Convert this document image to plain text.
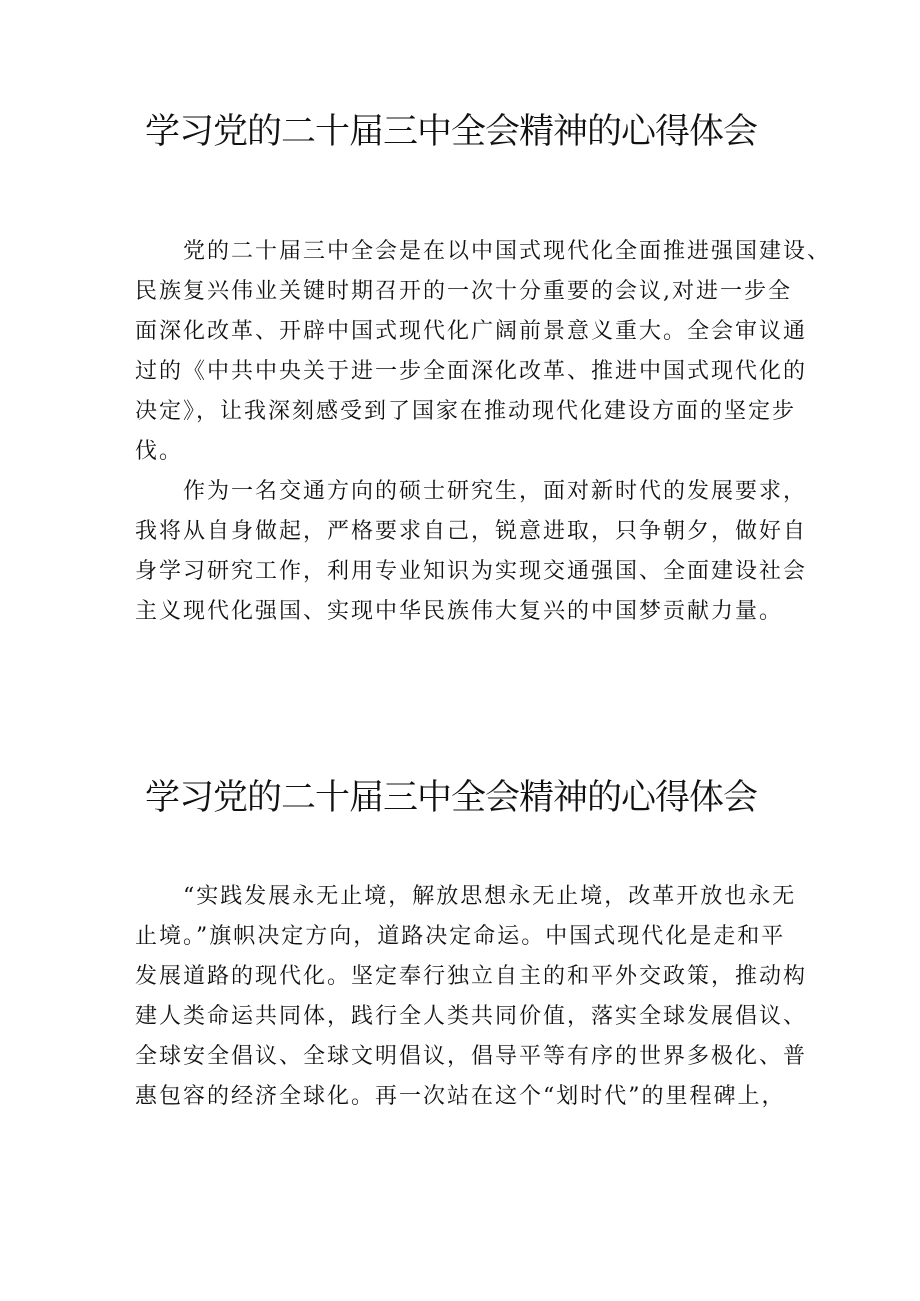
学习党的二十届三中全会精神的心得体会

党的二十届三中全会是在以中国式现代化全面推进强国建设、
民族复兴伟业关键时期召开的一次十分重要的会议,对进一步全
面深化改革、开辟中国式现代化广阔前景意义重大。全会审议通
过的《中共中央关于进一步全面深化改革、推进中国式现代化的
决定》，让我深刻感受到了国家在推动现代化建设方面的坚定步
伐。

作为一名交通方向的硕士研究生，面对新时代的发展要求，
我将从自身做起，严格要求自己，锐意进取，只争朝夕，做好自
身学习研究工作，利用专业知识为实现交通强国、全面建设社会
主义现代化强国、实现中华民族伟大复兴的中国梦贡献力量。

学习党的二十届三中全会精神的心得体会

“实践发展永无止境，解放思想永无止境，改革开放也永无
止境。”旗帜决定方向，道路决定命运。中国式现代化是走和平
发展道路的现代化。坚定奉行独立自主的和平外交政策，推动构
建人类命运共同体，践行全人类共同价值，落实全球发展倡议、
全球安全倡议、全球文明倡议，倡导平等有序的世界多极化、普
惠包容的经济全球化。再一次站在这个“划时代”的里程碑上，
